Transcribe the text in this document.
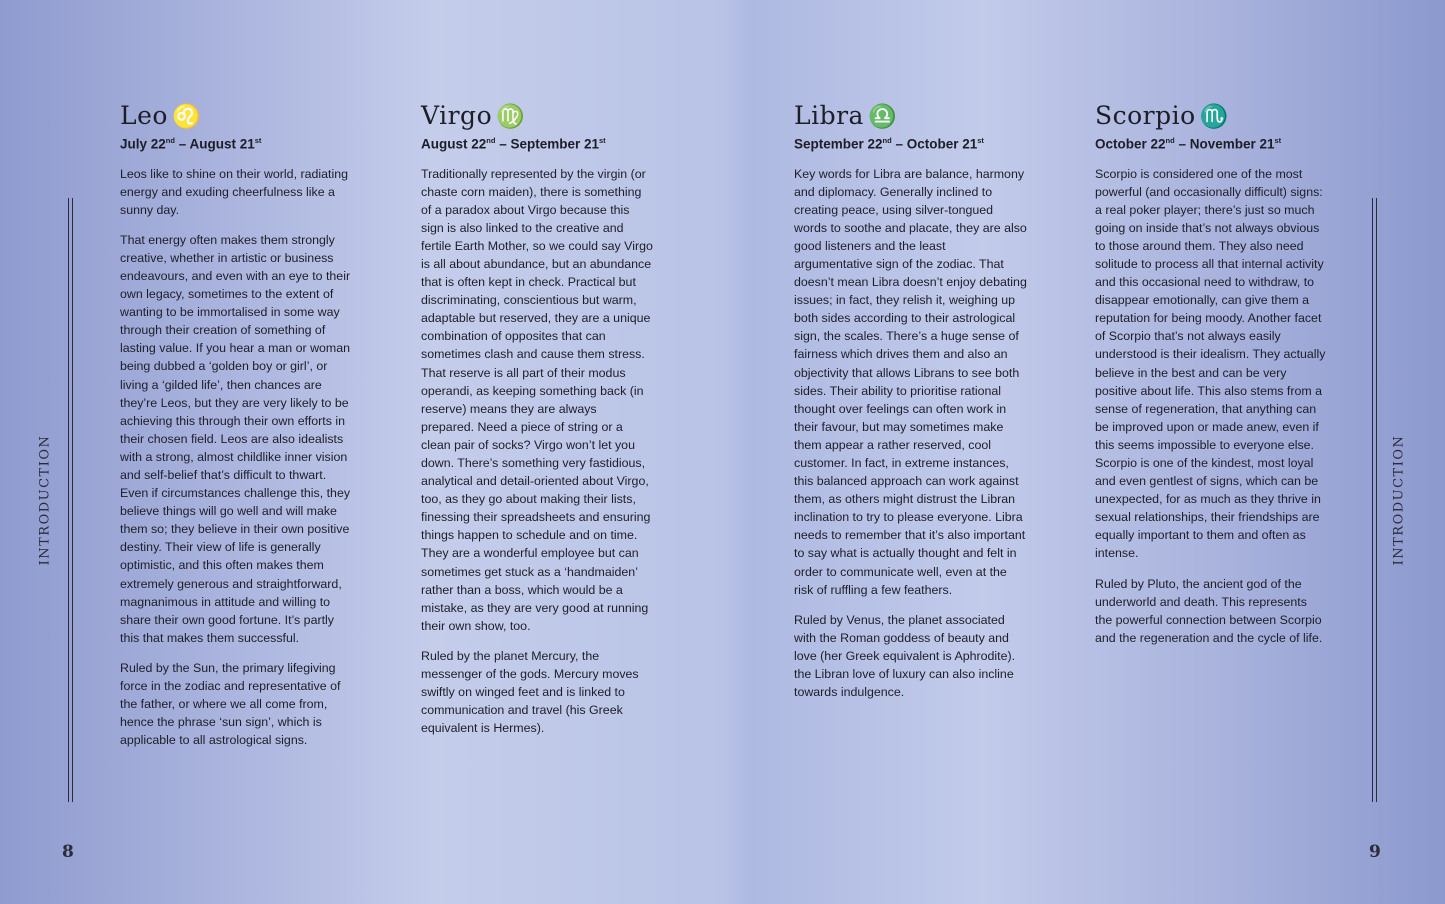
INTRODUCTION
8
INTRODUCTION
9
Leo ♌
July 22nd – August 21st

Leos like to shine on their world, radiating energy and exuding cheerfulness like a sunny day.

That energy often makes them strongly creative, whether in artistic or business endeavours, and even with an eye to their own legacy, sometimes to the extent of wanting to be immortalised in some way through their creation of something of lasting value. If you hear a man or woman being dubbed a ‘golden boy or girl’, or living a ‘gilded life’, then chances are they’re Leos, but they are very likely to be achieving this through their own efforts in their chosen field. Leos are also idealists with a strong, almost childlike inner vision and self-belief that’s difficult to thwart. Even if circumstances challenge this, they believe things will go well and will make them so; they believe in their own positive destiny. Their view of life is generally optimistic, and this often makes them extremely generous and straightforward, magnanimous in attitude and willing to share their own good fortune. It’s partly this that makes them successful.

Ruled by the Sun, the primary lifegiving force in the zodiac and representative of the father, or where we all come from, hence the phrase ‘sun sign’, which is applicable to all astrological signs.

Virgo ♍
August 22nd – September 21st

Traditionally represented by the virgin (or chaste corn maiden), there is something of a paradox about Virgo because this sign is also linked to the creative and fertile Earth Mother, so we could say Virgo is all about abundance, but an abundance that is often kept in check. Practical but discriminating, conscientious but warm, adaptable but reserved, they are a unique combination of opposites that can sometimes clash and cause them stress. That reserve is all part of their modus operandi, as keeping something back (in reserve) means they are always prepared. Need a piece of string or a clean pair of socks? Virgo won’t let you down. There’s something very fastidious, analytical and detail-oriented about Virgo, too, as they go about making their lists, finessing their spreadsheets and ensuring things happen to schedule and on time. They are a wonderful employee but can sometimes get stuck as a ‘handmaiden’ rather than a boss, which would be a mistake, as they are very good at running their own show, too.

Ruled by the planet Mercury, the messenger of the gods. Mercury moves swiftly on winged feet and is linked to communication and travel (his Greek equivalent is Hermes).

Libra ♎
September 22nd – October 21st

Key words for Libra are balance, harmony and diplomacy. Generally inclined to creating peace, using silver-tongued words to soothe and placate, they are also good listeners and the least argumentative sign of the zodiac. That doesn’t mean Libra doesn’t enjoy debating issues; in fact, they relish it, weighing up both sides according to their astrological sign, the scales. There’s a huge sense of fairness which drives them and also an objectivity that allows Librans to see both sides. Their ability to prioritise rational thought over feelings can often work in their favour, but may sometimes make them appear a rather reserved, cool customer. In fact, in extreme instances, this balanced approach can work against them, as others might distrust the Libran inclination to try to please everyone. Libra needs to remember that it’s also important to say what is actually thought and felt in order to communicate well, even at the risk of ruffling a few feathers.

Ruled by Venus, the planet associated with the Roman goddess of beauty and love (her Greek equivalent is Aphrodite). the Libran love of luxury can also incline towards indulgence.

Scorpio ♏
October 22nd – November 21st

Scorpio is considered one of the most powerful (and occasionally difficult) signs: a real poker player; there’s just so much going on inside that’s not always obvious to those around them. They also need solitude to process all that internal activity and this occasional need to withdraw, to disappear emotionally, can give them a reputation for being moody. Another facet of Scorpio that’s not always easily understood is their idealism. They actually believe in the best and can be very positive about life. This also stems from a sense of regeneration, that anything can be improved upon or made anew, even if this seems impossible to everyone else. Scorpio is one of the kindest, most loyal and even gentlest of signs, which can be unexpected, for as much as they thrive in sexual relationships, their friendships are equally important to them and often as intense.

Ruled by Pluto, the ancient god of the underworld and death. This represents the powerful connection between Scorpio and the regeneration and the cycle of life.
